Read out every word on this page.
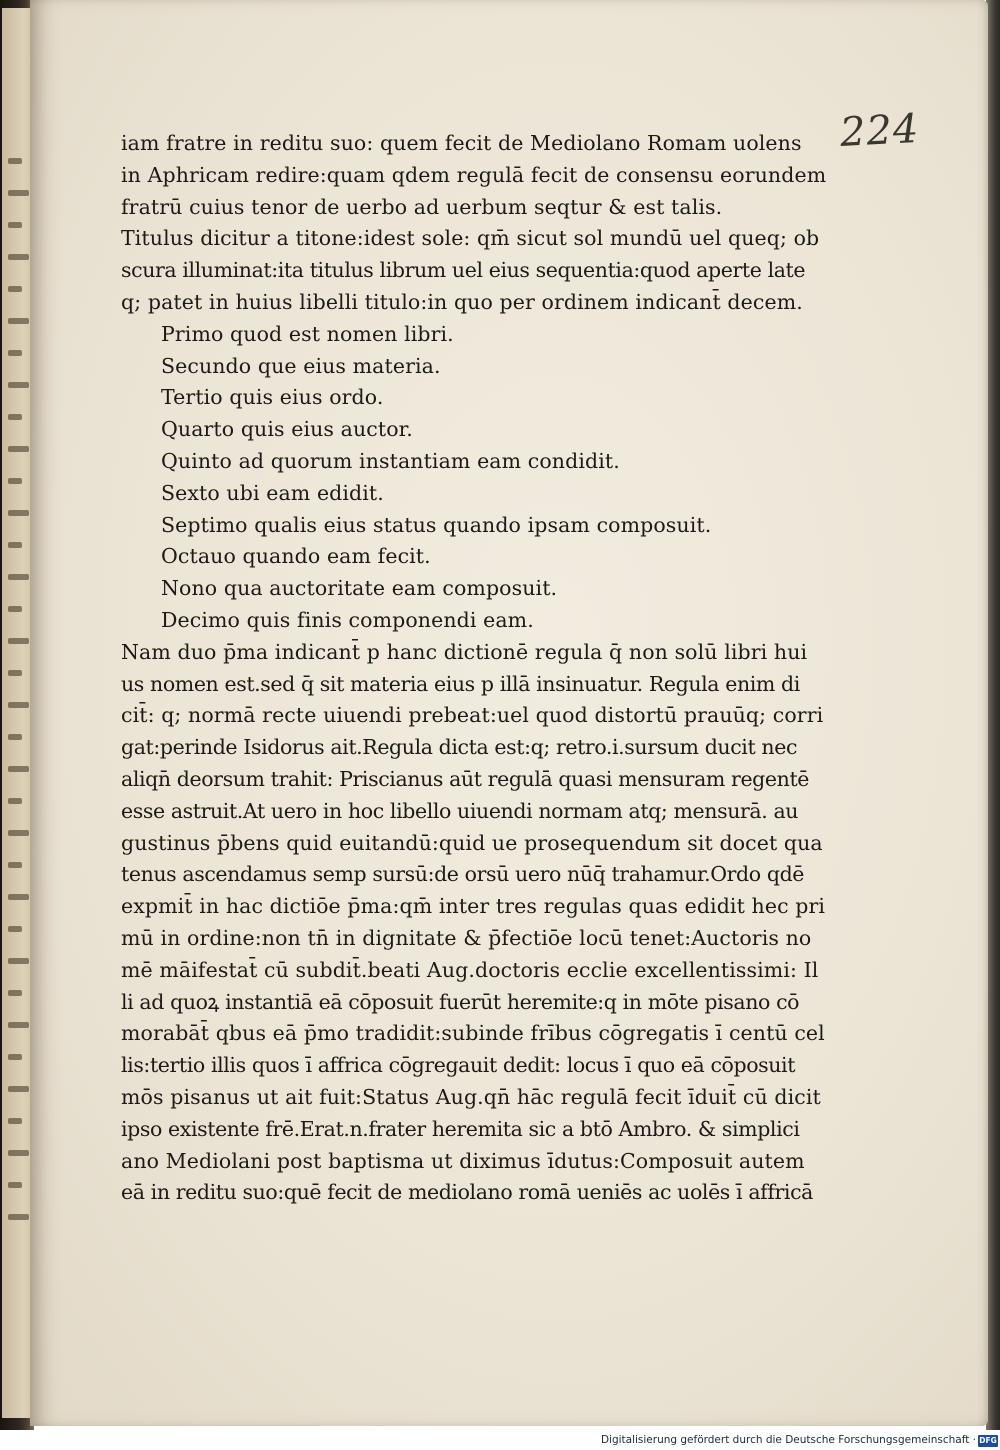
224

iam fratre in reditu suo: quem fecit de Mediolano Romam uolens

in Aphricam redire:quam qdem regulā fecit de consensu eorundem

fratrū cuius tenor de uerbo ad uerbum seqtur & est talis.

Titulus dicitur a titone:idest sole: qm̄ sicut sol mundū uel queq; ob

scura illuminat:ita titulus librum uel eius sequentia:quod aperte late

q; patet in huius libelli titulo:in quo per ordinem indicant̄ decem.

Primo quod est nomen libri.

Secundo que eius materia.

Tertio quis eius ordo.

Quarto quis eius auctor.

Quinto ad quorum instantiam eam condidit.

Sexto ubi eam edidit.

Septimo qualis eius status quando ipsam composuit.

Octauo quando eam fecit.

Nono qua auctoritate eam composuit.

Decimo quis finis componendi eam.

Nam duo p̄ma indicant̄ p hanc dictionē regula q̄ non solū libri hui

us nomen est.sed q̄ sit materia eius p illā insinuatur. Regula enim di

cit̄: q; normā recte uiuendi prebeat:uel quod distortū prauūq; corri

gat:perinde Isidorus ait.Regula dicta est:q; retro.i.sursum ducit nec

aliqn̄ deorsum trahit: Priscianus aūt regulā quasi mensuram regentē

esse astruit.At uero in hoc libello uiuendi normam atq; mensurā. au

gustinus p̄bens quid euitandū:quid ue prosequendum sit docet qua

tenus ascendamus semp sursū:de orsū uero nūq̄ trahamur.Ordo qdē

expmit̄ in hac dictiōe p̄ma:qm̄ inter tres regulas quas edidit hec pri

mū in ordine:non tn̄ in dignitate & p̄fectiōe locū tenet:Auctoris no

mē māifestat̄ cū subdit̄.beati Aug.doctoris ecclie excellentissimi: Il

li ad quoꝝ instantiā eā cōposuit fuerūt heremite:q in mōte pisano cō

morabāt̄ qbus eā p̄mo tradidit:subinde frībus cōgregatis ī centū cel

lis:tertio illis quos ī affrica cōgregauit dedit: locus ī quo eā cōposuit

mōs pisanus ut ait fuit:Status Aug.qn̄ hāc regulā fecit īduit̄ cū dicit

ipso existente frē.Erat.n.frater heremita sic a btō Ambro. & simplici

ano Mediolani post baptisma ut diximus īdutus:Composuit autem

eā in reditu suo:quē fecit de mediolano romā ueniēs ac uolēs ī affricā

Digitalisierung gefördert durch die Deutsche Forschungsgemeinschaft · DFG
